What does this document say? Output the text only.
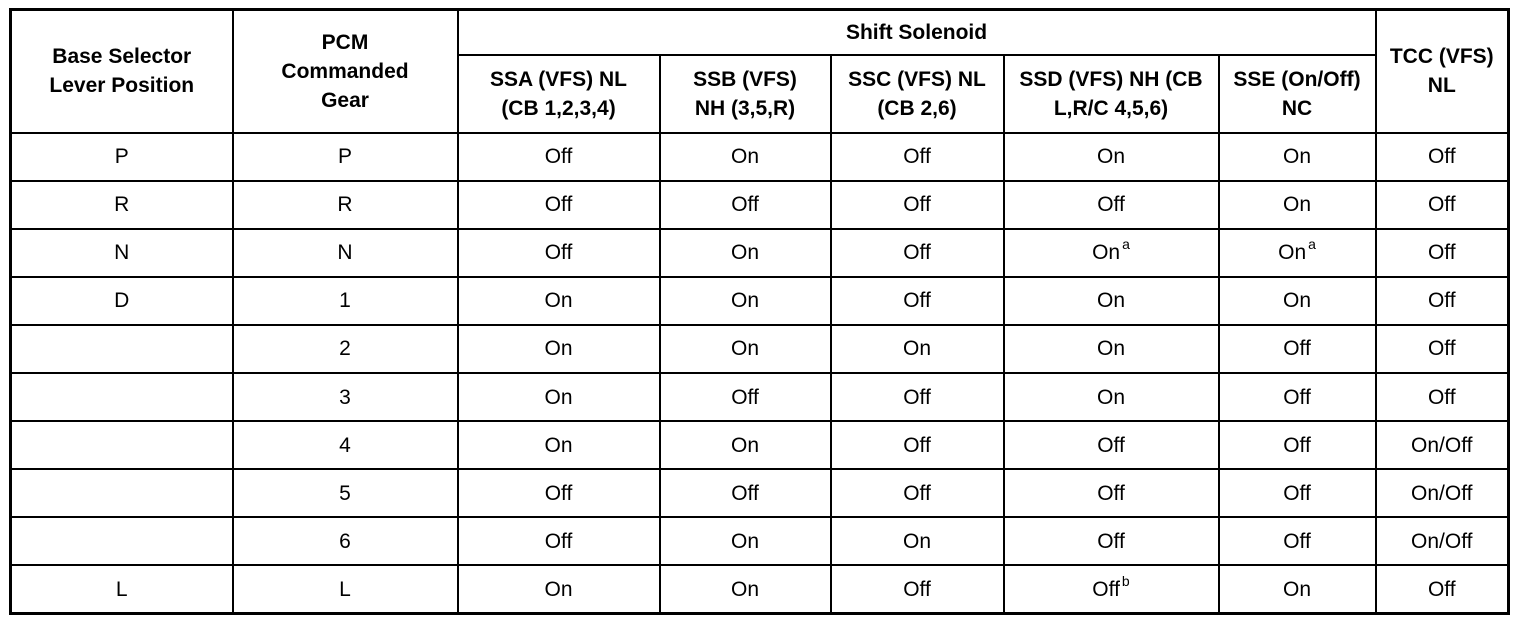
Base Selector Lever Position	PCM Commanded Gear	Shift Solenoid					TCC (VFS) NL
		SSA (VFS) NL (CB 1,2,3,4)	SSB (VFS) NH (3,5,R)	SSC (VFS) NL (CB 2,6)	SSD (VFS) NH (CB L,R/C 4,5,6)	SSE (On/Off) NC	
P	P	Off	On	Off	On	On	Off
R	R	Off	Off	Off	Off	On	Off
N	N	Off	On	Off	On $^a$	On $^a$	Off
D	1	On	On	Off	On	On	Off
	2	On	On	On	On	Off	Off
	3	On	Off	Off	On	Off	Off
	4	On	On	Off	Off	Off	On/Off
	5	Off	Off	Off	Off	Off	On/Off
	6	Off	On	On	Off	Off	On/Off
L	L	On	On	Off	Off $^b$	On	Off
